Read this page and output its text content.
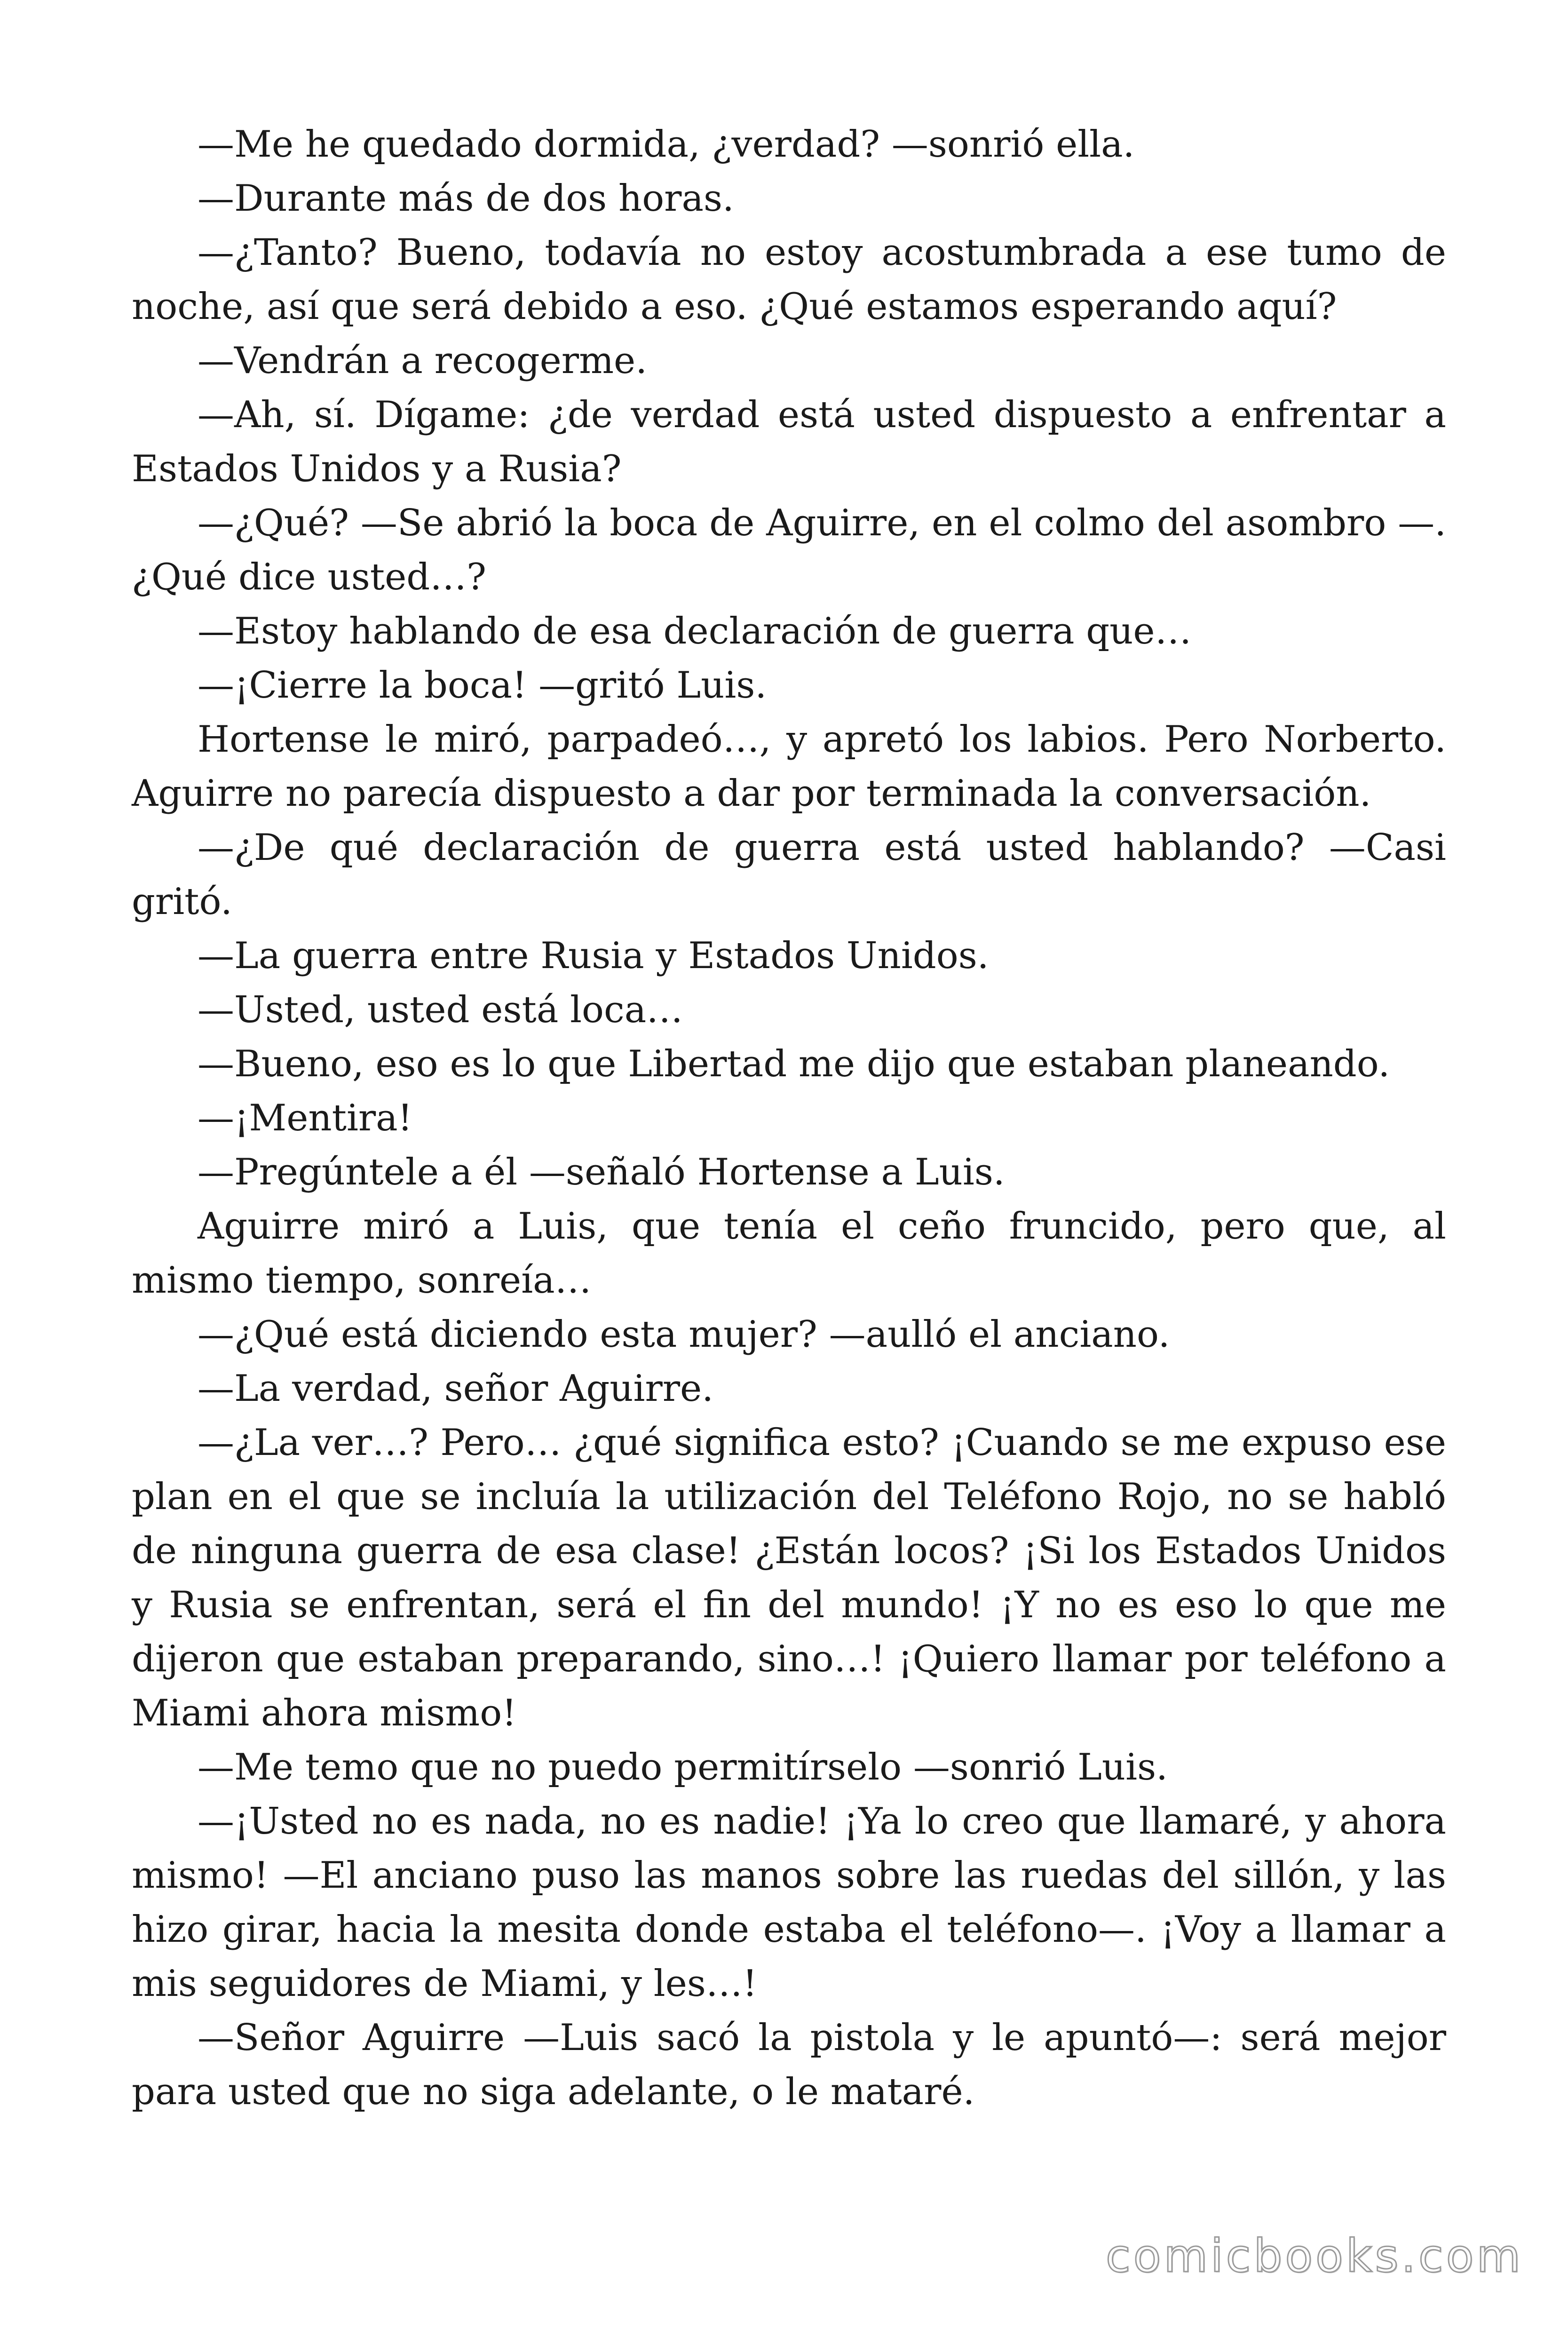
—Me he quedado dormida, ¿verdad? —sonrió ella.

—Durante más de dos horas.

—¿Tanto? Bueno, todavía no estoy acostumbrada a ese tumo de noche, así que será debido a eso. ¿Qué estamos esperando aquí?

—Vendrán a recogerme.

—Ah, sí. Dígame: ¿de verdad está usted dispuesto a enfrentar a Estados Unidos y a Rusia?

—¿Qué? —Se abrió la boca de Aguirre, en el colmo del asombro —. ¿Qué dice usted…?

—Estoy hablando de esa declaración de guerra que…

—¡Cierre la boca! —gritó Luis.

Hortense le miró, parpadeó…, y apretó los labios. Pero Norberto. Aguirre no parecía dispuesto a dar por terminada la conversación.

—¿De qué declaración de guerra está usted hablando? —Casi gritó.

—La guerra entre Rusia y Estados Unidos.

—Usted, usted está loca…

—Bueno, eso es lo que Libertad me dijo que estaban planeando.

—¡Mentira!

—Pregúntele a él —señaló Hortense a Luis.

Aguirre miró a Luis, que tenía el ceño fruncido, pero que, al mismo tiempo, sonreía…

—¿Qué está diciendo esta mujer? —aulló el anciano.

—La verdad, señor Aguirre.

—¿La ver…? Pero… ¿qué significa esto? ¡Cuando se me expuso ese plan en el que se incluía la utilización del Teléfono Rojo, no se habló de ninguna guerra de esa clase! ¿Están locos? ¡Si los Estados Unidos y Rusia se enfrentan, será el fin del mundo! ¡Y no es eso lo que me dijeron que estaban preparando, sino…! ¡Quiero llamar por teléfono a Miami ahora mismo!

—Me temo que no puedo permitírselo —sonrió Luis.

—¡Usted no es nada, no es nadie! ¡Ya lo creo que llamaré, y ahora mismo! —El anciano puso las manos sobre las ruedas del sillón, y las hizo girar, hacia la mesita donde estaba el teléfono—. ¡Voy a llamar a mis seguidores de Miami, y les…!

—Señor Aguirre —Luis sacó la pistola y le apuntó—: será mejor para usted que no siga adelante, o le mataré.

comicbooks.com
